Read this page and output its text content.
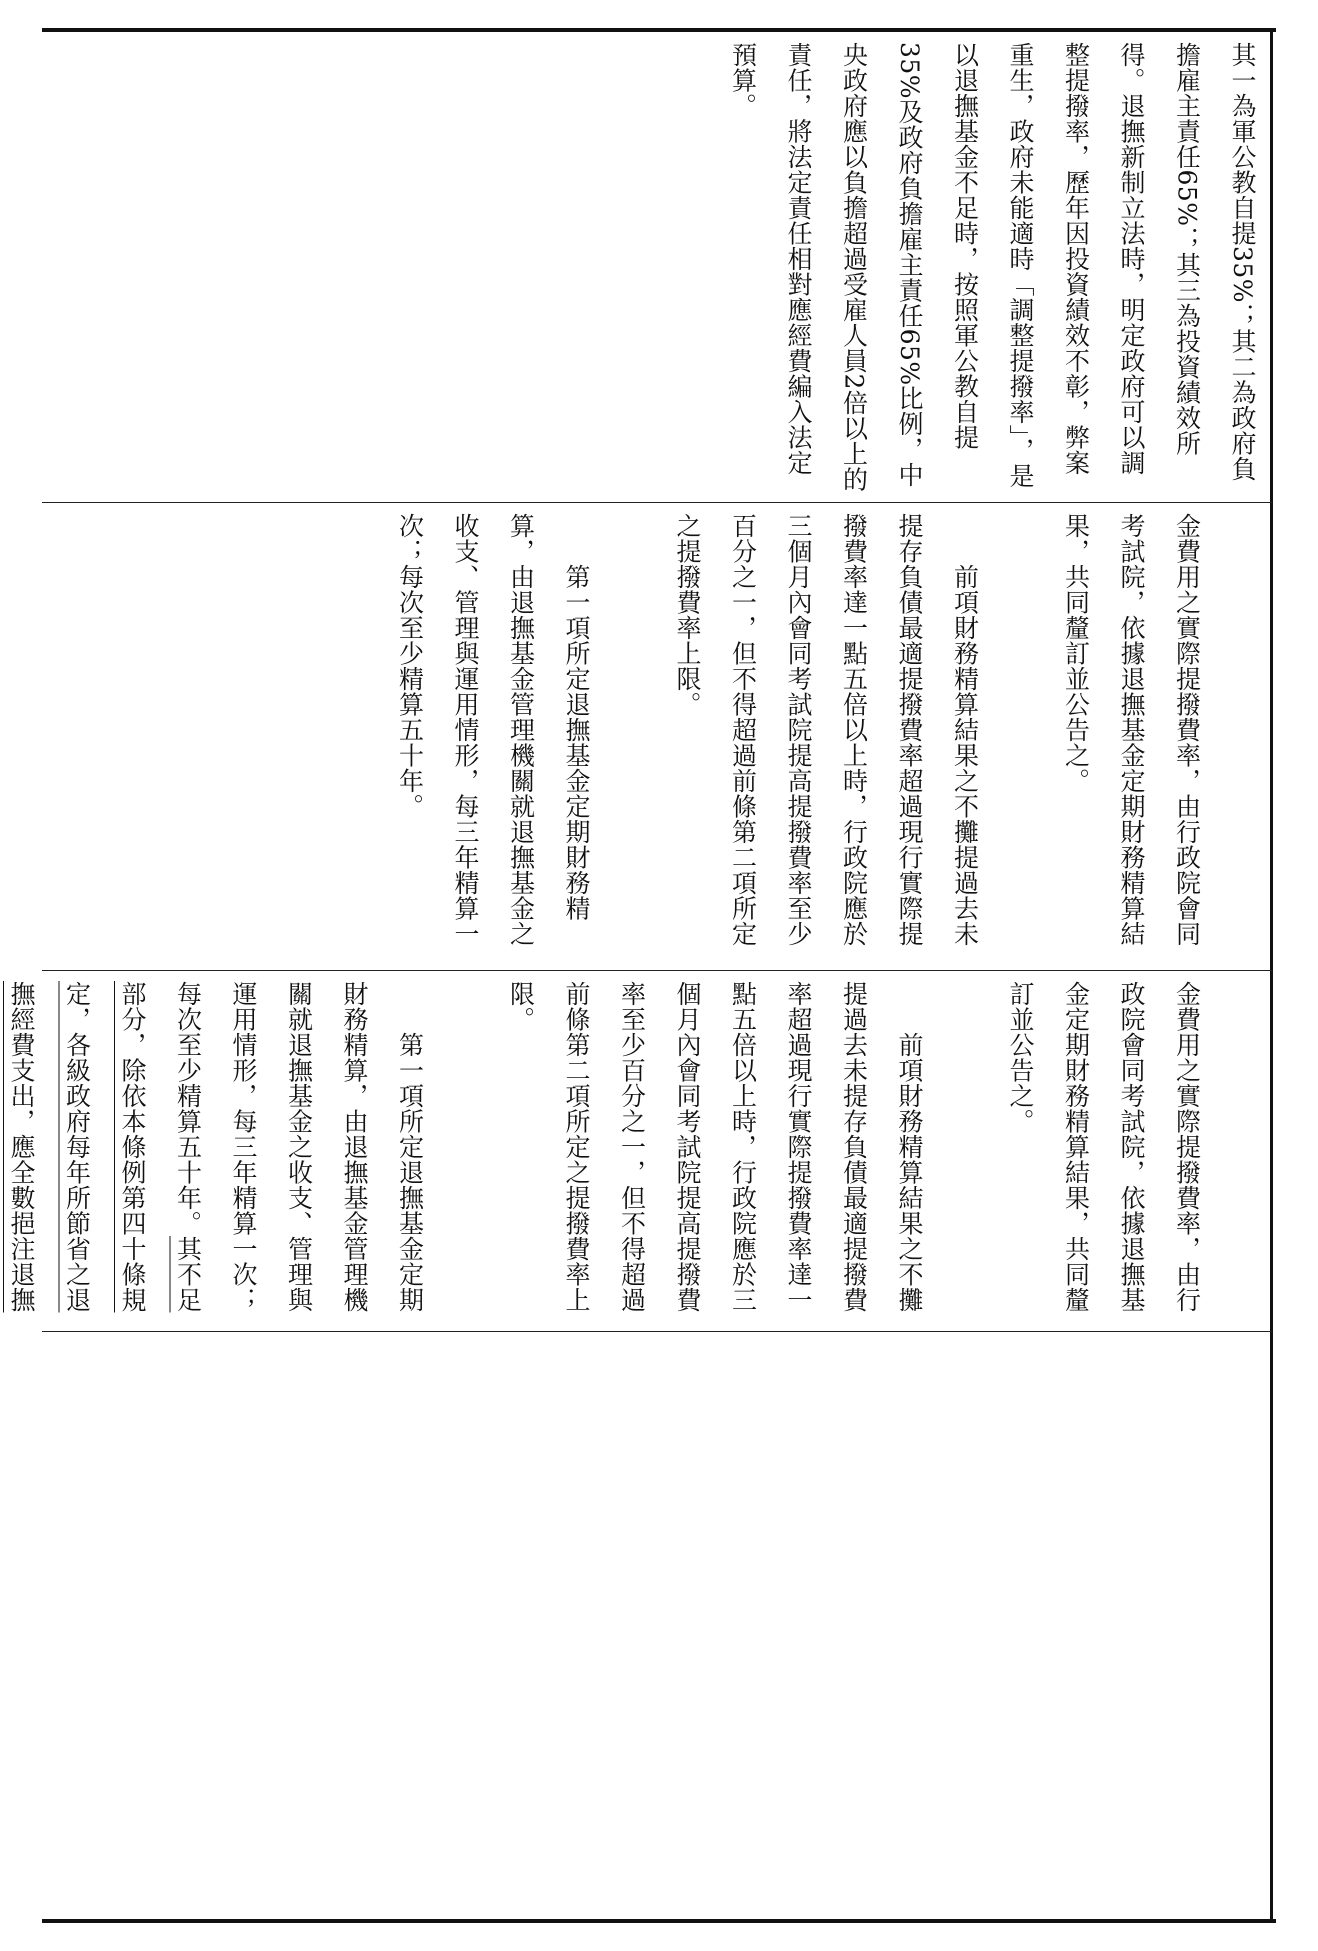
其一為軍公教自提35%；其二為政府負擔雇主責任65%；其三為投資績效所得。退撫新制立法時，明定政府可以調整提撥率，歷年因投資績效不彰，弊案重生，政府未能適時「調整提撥率」，是以退撫基金不足時，按照軍公教自提35%及政府負擔雇主責任65%比例，中央政府應以負擔超過受雇人員2倍以上的責任，將法定責任相對應經費編入法定預算。

金費用之實際提撥費率，由行政院會同考試院，依據退撫基金定期財務精算結果，共同釐訂並公告之。

　　前項財務精算結果之不攤提過去未提存負債最適提撥費率超過現行實際提撥費率達一點五倍以上時，行政院應於三個月內會同考試院提高提撥費率至少百分之一，但不得超過前條第二項所定之提撥費率上限。

　　第一項所定退撫基金定期財務精算，由退撫基金管理機關就退撫基金之收支、管理與運用情形，每三年精算一次；每次至少精算五十年。

金費用之實際提撥費率，由行政院會同考試院，依據退撫基金定期財務精算結果，共同釐訂並公告之。

　　前項財務精算結果之不攤提過去未提存負債最適提撥費率超過現行實際提撥費率達一點五倍以上時，行政院應於三個月內會同考試院提高提撥費率至少百分之一，但不得超過前條第二項所定之提撥費率上限。

　　第一項所定退撫基金定期財務精算，由退撫基金管理機關就退撫基金之收支、管理與運用情形，每三年精算一次；每次至少精算五十年。其不足部分，除依本條例第四十條規定，各級政府每年所節省之退撫經費支出，應全數挹注退撫
